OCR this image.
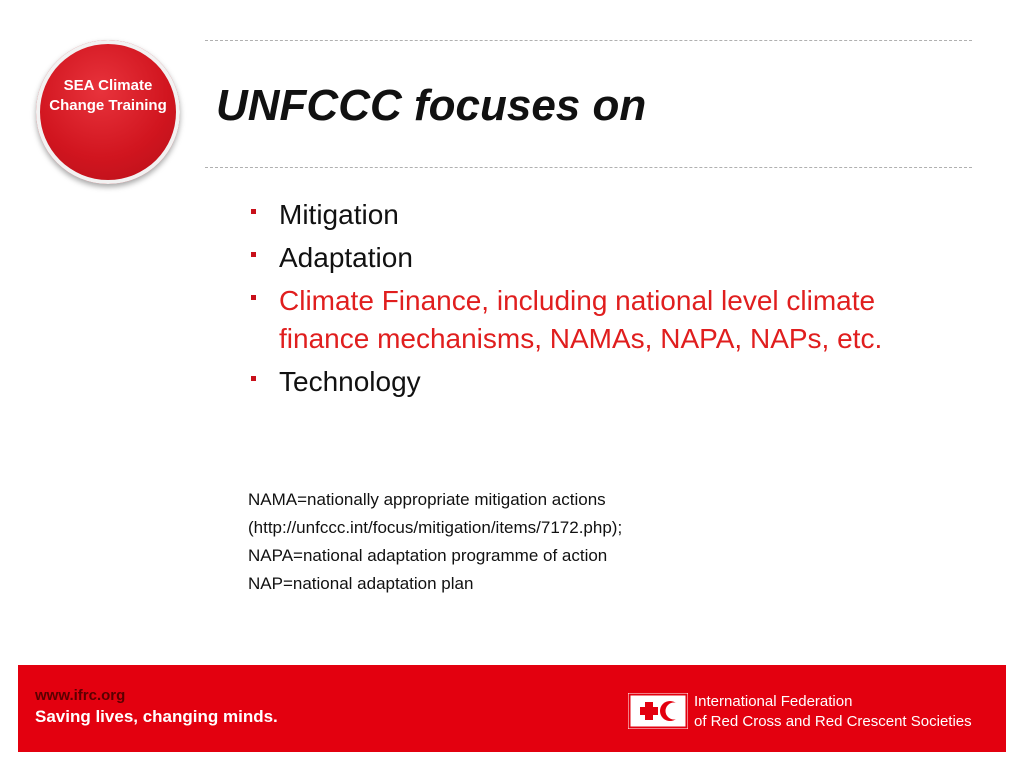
SEA Climate Change Training UNFCCC focuses on
Mitigation
Adaptation
Climate Finance, including national level climate finance mechanisms, NAMAs, NAPA, NAPs, etc.
Technology
NAMA=nationally appropriate mitigation actions
(http://unfccc.int/focus/mitigation/items/7172.php);
NAPA=national adaptation programme of action
NAP=national adaptation plan
www.ifrc.org
Saving lives, changing minds.
International Federation
of Red Cross and Red Crescent Societies
